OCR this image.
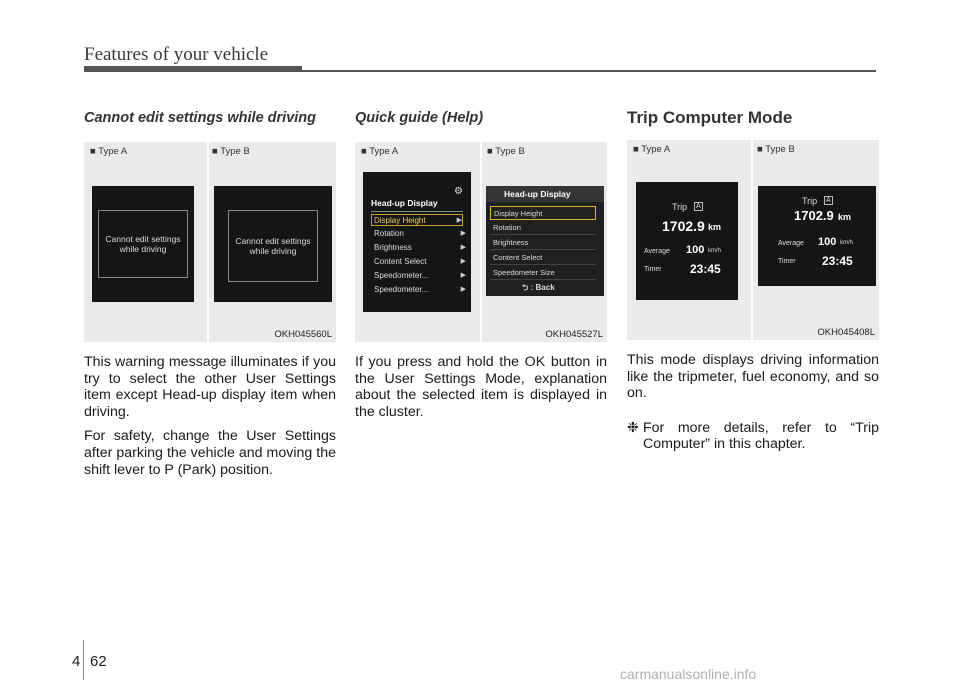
Features of your vehicle
Cannot edit settings while driving
■ Type A	■ Type B
Cannot edit settings while driving
Cannot edit settings while driving
OKH045560L

This warning message illuminates if you try to select the other User Settings item except Head-up display item when driving.

For safety, change the User Settings after parking the vehicle and moving the shift lever to P (Park) position.

Quick guide (Help)
■ Type A	■ Type B
⚙
Head-up Display
Display Height	▶
Rotation	▶
Brightness	▶
Content Select	▶
Speedometer...	▶
Speedometer...	▶
Head-up Display
Display Height
Rotation
Brightness
Content Select
Speedometer Size
⮌ : Back
OKH045527L

If you press and hold the OK button in the User Settings Mode, explanation about the selected item is displayed in the cluster.

Trip Computer Mode
■ Type A	■ Type B
Trip A
1702.9 km
Average 100 km/h
Timer 23:45
Trip A
1702.9 km
Average 100 km/h
Timer 23:45
OKH045408L

This mode displays driving information like the tripmeter, fuel economy, and so on.

❉ For more details, refer to “Trip Computer” in this chapter.
4 62
carmanualsonline.info
